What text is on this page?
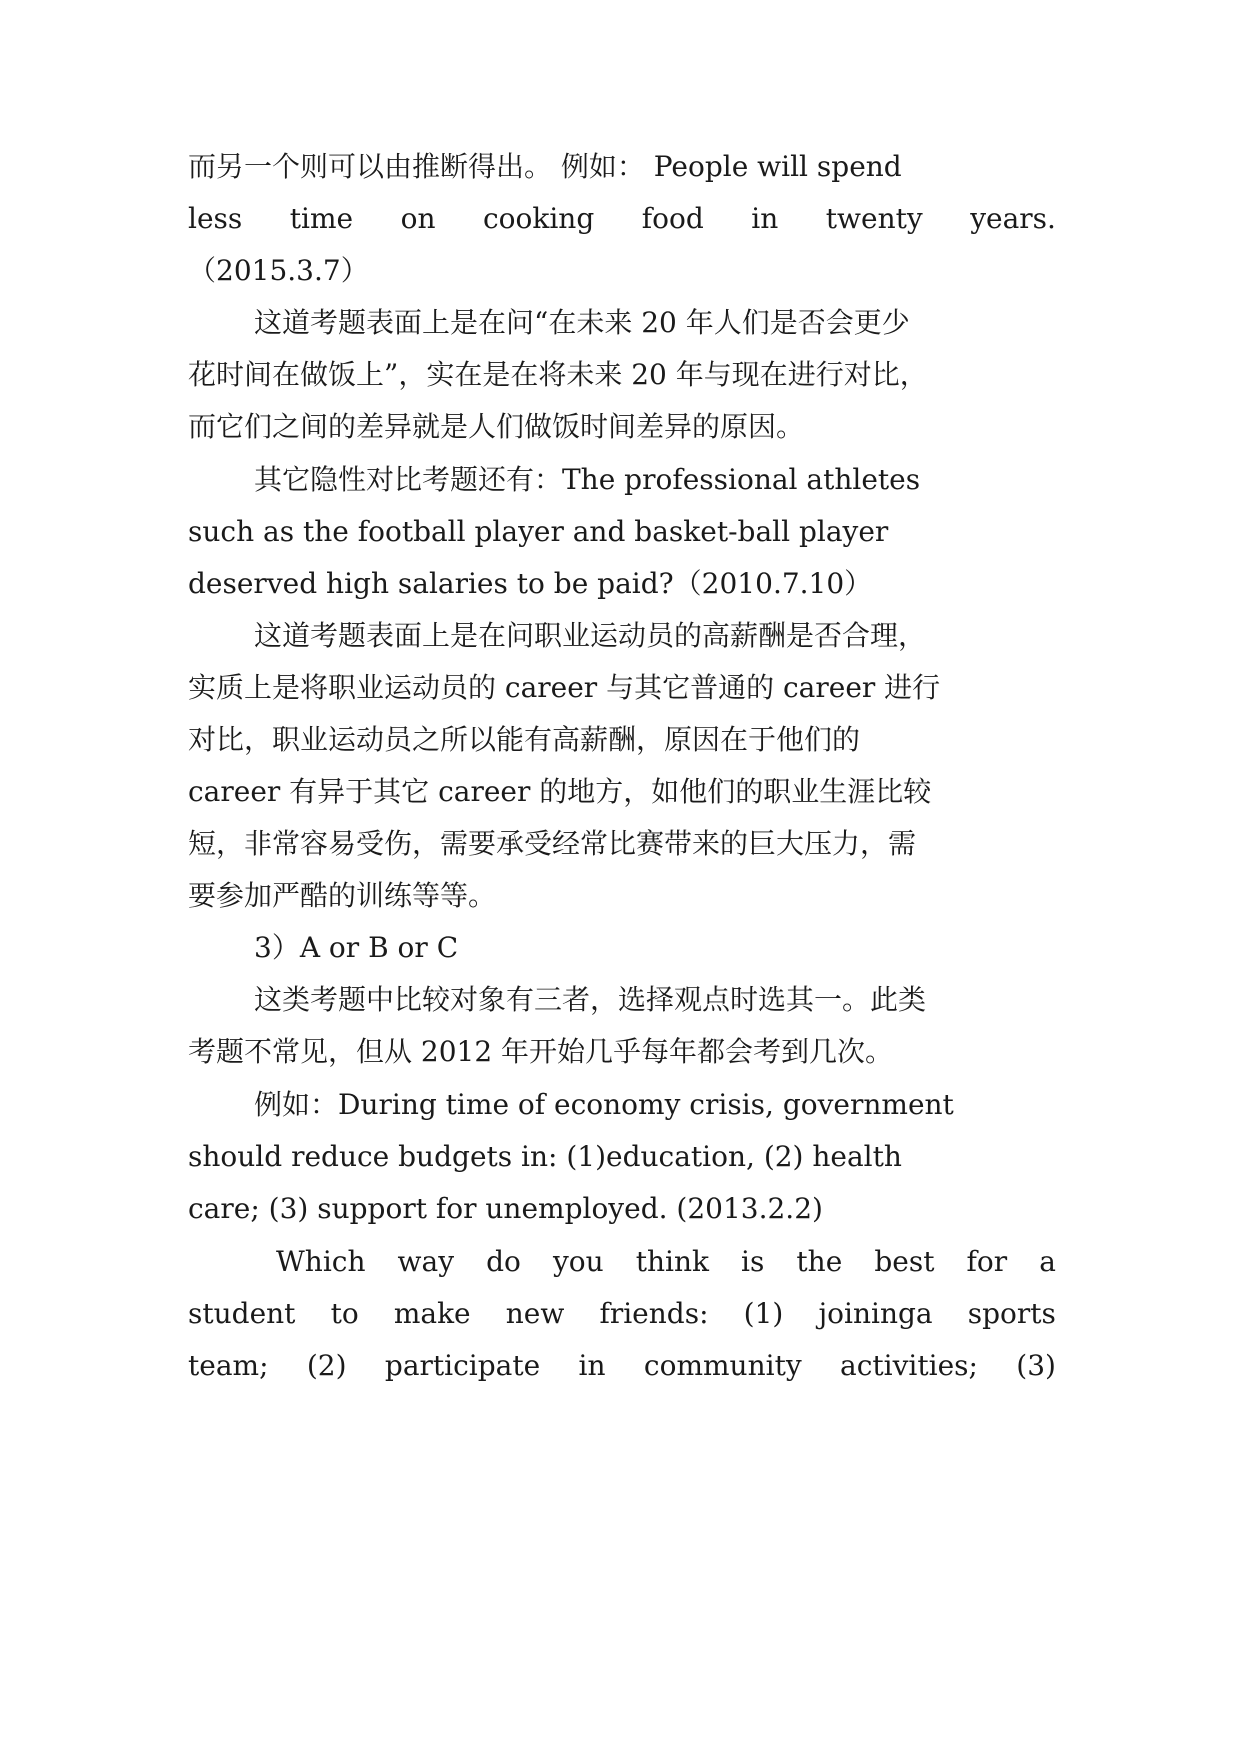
而另一个则可以由推断得出。 例如： People will spend
less time on cooking food in twenty years.
（2015.3.7）
这道考题表面上是在问“在未来 20 年人们是否会更少
花时间在做饭上”，实在是在将未来 20 年与现在进行对比，
而它们之间的差异就是人们做饭时间差异的原因。
其它隐性对比考题还有：The professional athletes
such as the football player and basket-ball player
deserved high salaries to be paid?（2010.7.10）
这道考题表面上是在问职业运动员的高薪酬是否合理，
实质上是将职业运动员的 career 与其它普通的 career 进行
对比，职业运动员之所以能有高薪酬，原因在于他们的
career 有异于其它 career 的地方，如他们的职业生涯比较
短，非常容易受伤，需要承受经常比赛带来的巨大压力，需
要参加严酷的训练等等。
3）A or B or C
这类考题中比较对象有三者，选择观点时选其一。此类
考题不常见，但从 2012 年开始几乎每年都会考到几次。
例如：During time of economy crisis, government
should reduce budgets in: (1)education, (2) health
care; (3) support for unemployed. (2013.2.2)
Which way do you think is the best for a
student to make new friends: (1) joininga sports
team; (2) participate in community activities; (3)
